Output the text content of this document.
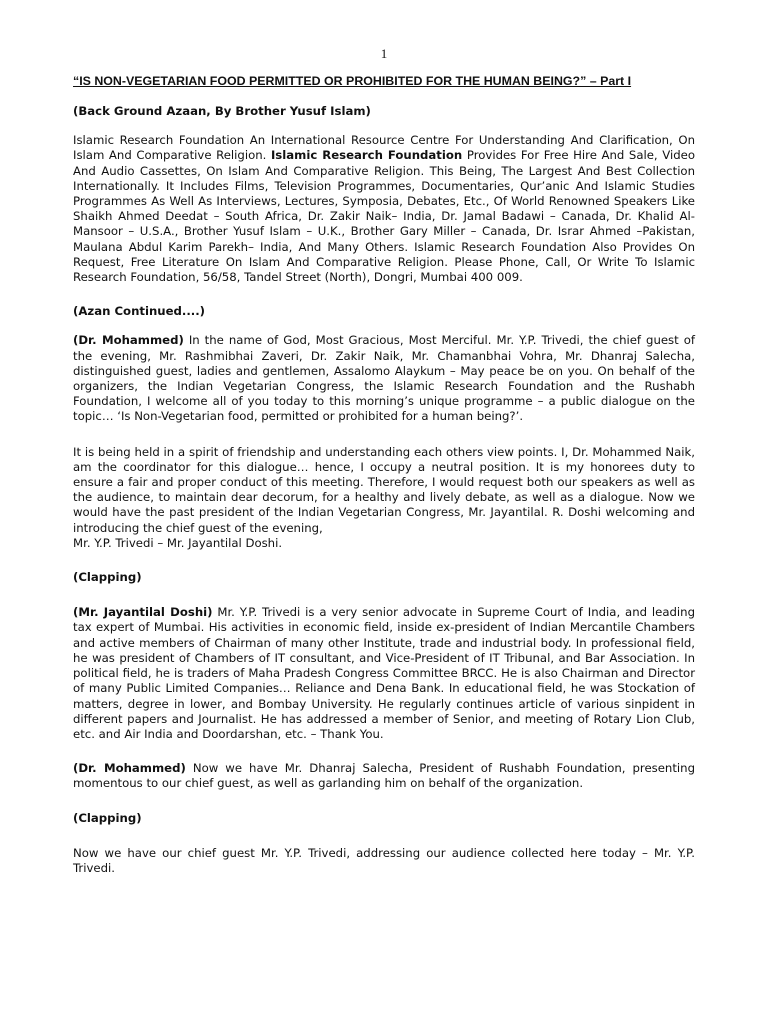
1
“IS NON-VEGETARIAN FOOD PERMITTED OR PROHIBITED FOR THE HUMAN BEING?” – Part I

(Back Ground Azaan, By Brother Yusuf Islam)

Islamic Research Foundation An International Resource Centre For Understanding And Clarification, On Islam And Comparative Religion. Islamic Research Foundation Provides For Free Hire And Sale, Video And Audio Cassettes, On Islam And Comparative Religion. This Being, The Largest And Best Collection Internationally. It Includes Films, Television Programmes, Documentaries, Qur’anic And Islamic Studies Programmes As Well As Interviews, Lectures, Symposia, Debates, Etc., Of World Renowned Speakers Like Shaikh Ahmed Deedat – South Africa, Dr. Zakir Naik– India, Dr. Jamal Badawi – Canada, Dr. Khalid Al-Mansoor – U.S.A., Brother Yusuf Islam – U.K., Brother Gary Miller – Canada, Dr. Israr Ahmed –Pakistan, Maulana Abdul Karim Parekh– India, And Many Others. Islamic Research Foundation Also Provides On Request, Free Literature On Islam And Comparative Religion. Please Phone, Call, Or Write To Islamic Research Foundation, 56/58, Tandel Street (North), Dongri, Mumbai 400 009.

(Azan Continued....)

(Dr. Mohammed) In the name of God, Most Gracious, Most Merciful. Mr. Y.P. Trivedi, the chief guest of the evening, Mr. Rashmibhai Zaveri, Dr. Zakir Naik, Mr. Chamanbhai Vohra, Mr. Dhanraj Salecha, distinguished guest, ladies and gentlemen, Assalomo Alaykum – May peace be on you. On behalf of the organizers, the Indian Vegetarian Congress, the Islamic Research Foundation and the Rushabh Foundation, I welcome all of you today to this morning’s unique programme – a public dialogue on the topic… ‘Is Non-Vegetarian food, permitted or prohibited for a human being?’.

It is being held in a spirit of friendship and understanding each others view points. I, Dr. Mohammed Naik, am the coordinator for this dialogue… hence, I occupy a neutral position. It is my honorees duty to ensure a fair and proper conduct of this meeting. Therefore, I would request both our speakers as well as the audience, to maintain dear decorum, for a healthy and lively debate, as well as a dialogue. Now we would have the past president of the Indian Vegetarian Congress, Mr. Jayantilal. R. Doshi welcoming and introducing the chief guest of the evening,

Mr. Y.P. Trivedi – Mr. Jayantilal Doshi.

(Clapping)

(Mr. Jayantilal Doshi) Mr. Y.P. Trivedi is a very senior advocate in Supreme Court of India, and leading tax expert of Mumbai. His activities in economic field, inside ex-president of Indian Mercantile Chambers and active members of Chairman of many other Institute, trade and industrial body. In professional field, he was president of Chambers of IT consultant, and Vice-President of IT Tribunal, and Bar Association. In political field, he is traders of Maha Pradesh Congress Committee BRCC. He is also Chairman and Director of many Public Limited Companies… Reliance and Dena Bank. In educational field, he was Stockation of matters, degree in lower, and Bombay University. He regularly continues article of various sinpident in different papers and Journalist. He has addressed a member of Senior, and meeting of Rotary Lion Club, etc. and Air India and Doordarshan, etc. – Thank You.

(Dr. Mohammed) Now we have Mr. Dhanraj Salecha, President of Rushabh Foundation, presenting momentous to our chief guest, as well as garlanding him on behalf of the organization.

(Clapping)

Now we have our chief guest Mr. Y.P. Trivedi, addressing our audience collected here today – Mr. Y.P. Trivedi.
